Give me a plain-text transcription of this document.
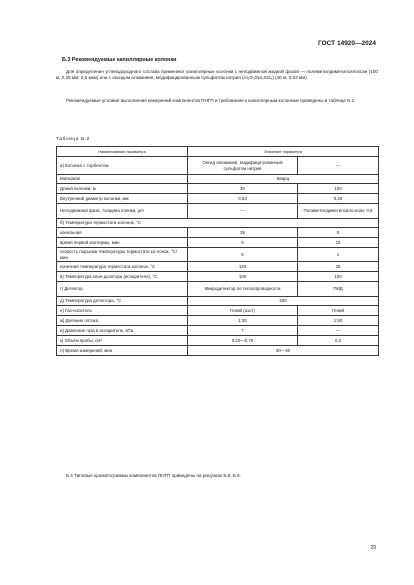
ГОСТ 14920—2024
Б.3 Рекомендуемые капиллярные колонки

Для определения углеводородного состава применяют капиллярные колонки с неподвижной жидкой фазой — полиметилдиметилсилоксан (100 м, 0,25 мм; 0,5 мкм) или с оксидом алюминия, модифицированным сульфатом натрия (Al₂O₃/Na₂SO₄) (30 м; 0,53 мм).

Рекомендуемые условия выполнения измерений компонентов ПНГП и требования к капиллярным колонкам приведены в таблице Б.2.

Таблица Б.2
Наименование параметра	Значение параметра	
а) Колонка с сорбентом	Оксид алюминия, модифици-рованный сульфатом натрия	—
Материал	Кварц	
Длина колонки, м	30	100
Внутренний диаметр колонки, мм	0,53	0,25
Неподвижная фаза, толщина пленки, µm	—	Полиметилдиметилсило-ксан, 0,5
б) Температура термостата колонок, °С		
начальная	35	0
время первой изотермы, мин	0	15
скорость подъема температуры термостата ко-лонок, °С/мин	5	1
конечная температура термостата колонок, °С	120	25
в) Температура клин-дозатора (испарителя), °С	100	100
г) Детектор	Микродетектор по теплопроводности	ПИД
д) Температура детектора, °С	200	
е) Газ-носитель	Гелий (азот)	Гелий
ж) Деление потока	1:30	1:50
и) Давление газа в испарителе, кПа	7	—
к) Объем пробы, см³	0,20—0,75	0,2
л) Время измерений, мин	30—40	
Б.4 Типовые хроматограммы компонентов ПНГП приведены на рисунках Б.8, Б.9.
29
